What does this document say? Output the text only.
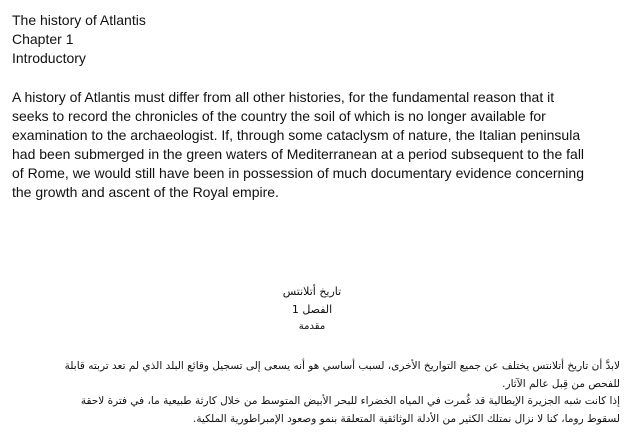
The history of Atlantis
Chapter 1
Introductory
A history of Atlantis must differ from all other histories, for the fundamental reason that it
seeks to record the chronicles of the country the soil of which is no longer available for
examination to the archaeologist. If, through some cataclysm of nature, the Italian peninsula
had been submerged in the green waters of Mediterranean at a period subsequent to the fall
of Rome, we would still have been in possession of much documentary evidence concerning
the growth and ascent of the Royal empire.
تاريخ أتلانتس
الفصل 1
مقدمة
لابدَّ أن تاريخ أتلانتس يختلف عن جميع التواريخ الأخرى، لسبب أساسي هو أنه يسعى إلى تسجيل وقائع البلد الذي لم تعد تربته قابلة
للفحص من قِبل عالم الآثار.
إذا كانت شبه الجزيرة الإيطالية قد غُمرت في المياه الخضراء للبحر الأبيض المتوسط من خلال كارثة طبيعية ما، في فترة لاحقة
لسقوط روما، كنا لا نزال نمتلك الكثير من الأدلة الوثائقية المتعلقة بنمو وصعود الإمبراطورية الملكية.
